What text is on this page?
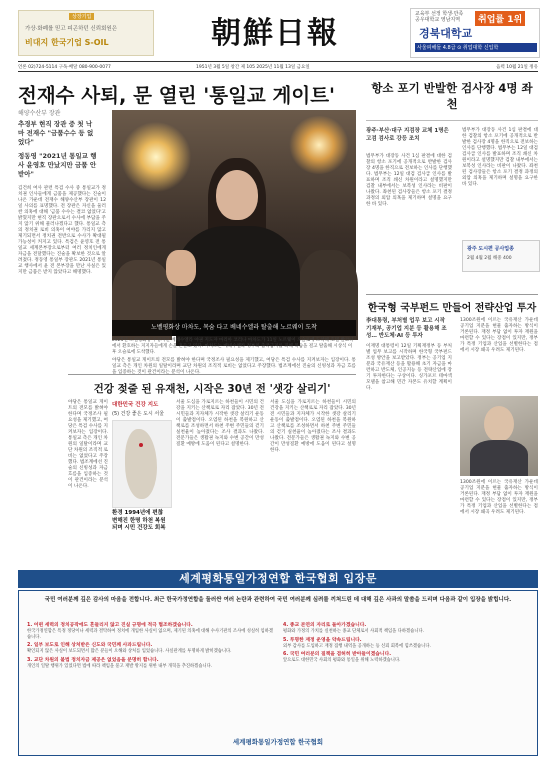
상장기업
가상·화폐를 믿고 피곤하던 신뢰회원은
비대지 한국기업 S-OIL	朝鮮日報
교육부 선정 학생·만족 공우대학교 영남지역	취업률 1위
경북대학교
사울피해들 4.8급 ⊙ 취업대학 신입학
언론 02)724-5114 구독·배달 080-900-0077	1951년 3월 5일 창간 제 105 2025년 11월 13일 금요일	음력 10월 21일 정유
전재수 사퇴, 문 열린 '통일교 게이트'
해양수산부 장관
추경부 현직 장관 중 첫 낙마 전재수 "금품수수 등 없었다"
정동영 "2021년 통일교 행사 윤영호 만났지만 금품 안 받아"
김건희 여사 관련 특검 수사 중 통일교가 정치권 인사들에게 금품을 제공했다는 진술이 나온 가운데 전재수 해양수산부 장관이 12일 사의를 표명했다. 전 장관은 자신을 둘러싼 의혹에 대해 '금품 수수는 결코 없었다'고 밝혔지만 현직 장관으로서 수사에 부담을 주지 않기 위해 물러나겠다고 했다. 통일교 측의 정치권 로비 의혹이 여야를 가리지 않고 제기되면서 정치권 전반으로 수사가 확대될 가능성이 커지고 있다. 특검은 윤영호 전 통일교 세계본부장으로부터 여러 정치인에게 자금을 전달했다는 진술을 확보한 것으로 알려졌다. 정동영 통일부 장관도 2021년 통일교 행사에서 윤 전 본부장을 만난 사실은 있지만 금품은 받지 않았다고 해명했다.
노벨평화상 마차도, 목숨 다고 베네수엘라 탈출해 노르웨이 도착
2025년 노벨평화상 수상자인 베네수엘라 야권 지도자 마리아 코리나 마차도가 11일 노르웨이 오슬로에 도착해 호텔 발코니에서 환호하는 지지자들에게 손을 흔들고 있다. 마차도는 베네수엘라 정부의 출국금지를 피해 목숨을 걸고 탈출해 시상식 이후 오슬로에 도착했다.
항소 포기 반발한 검사장 4명 좌천
광주·부산·대구 지검장 교체 1명은 고검 검사로 강등 조치
법무부가 대장동 사건 1심 판결에 대한 검찰의 항소 포기에 공개적으로 반발한 검사장 4명을 한직으로 전보하는 인사를 단행했다. 법무부는 12일 대검 검사급 인사를 발표하며 조직 쇄신 차원이라고 설명했지만 검찰 내부에서는 보복성 인사라는 비판이 나왔다. 좌천된 검사장들은 항소 포기 결정 과정의 외압 의혹을 제기하며 설명을 요구한 바 있다.
법무부가 대장동 사건 1심 판결에 대한 검찰의 항소 포기에 공개적으로 반발한 검사장 4명을 한직으로 전보하는 인사를 단행했다. 법무부는 12일 대검 검사급 인사를 발표하며 조직 쇄신 차원이라고 설명했지만 검찰 내부에서는 보복성 인사라는 비판이 나왔다. 좌천된 검사장들은 항소 포기 결정 과정의 외압 의혹을 제기하며 설명을 요구한 바 있다.
광주 도시편 공사업종
2월 4월 2월 해중 400
한국형 국부펀드 만들어 전략산업 투자
李대통령, 부처별 업무 보고 시작 기재부, 공기업 지분 등 활용해 조성… 반도체·AI 등 투자
이재명 대통령이 12일 기획재정부 등 부처별 업무 보고를 시작하며 한국형 국부펀드 조성 방안을 보고받았다. 정부는 공기업 지분과 국유재산 등을 활용해 초기 자금을 마련하고 반도체, 인공지능 등 전략산업에 장기 투자한다는 구상이다. 싱가포르 테마섹 모델을 참고해 민간 자본도 유치할 계획이다.
1300조원에 이르는 국유재산 가운데 공기업 지분을 현물 출자하는 방식이 거론된다. 재정 부담 없이 투자 재원을 마련할 수 있다는 장점이 있지만, 정부가 특정 기업과 산업을 선별한다는 점에서 시장 왜곡 우려도 제기된다.
1300조원에 이르는 국유재산 가운데 공기업 지분을 현물 출자하는 방식이 거론된다. 재정 부담 없이 투자 재원을 마련할 수 있다는 장점이 있지만, 정부가 특정 기업과 산업을 선별한다는 점에서 시장 왜곡 우려도 제기된다.
야당은 통일교 게이트의 전모를 밝혀야 한다며 국정조사 필요성을 제기했고, 여당은 특검 수사를 지켜보자는 입장이다. 통일교 측은 개인 차원의 일탈이라며 교단 차원의 조직적 로비는 없었다고 주장했다. 법조계에선 진술의 신빙성과 자금 흐름을 입증하는 것이 관건이라는 분석이 나온다.
건강 젖줄 된 유재천, 시작은 30년 전 '샛강 살리기'
대한민국 건강 지도
(5) 건강 좋은 도시 서울
환경 1994년에 편찮 변해진 한명 하천 복원되며 시민 건강도 회복
서울 도심을 가로지르는 하천들이 시민의 건강을 지키는 산책로로 자리 잡았다. 30년 전 시민들과 지자체가 시작한 샛강 살리기 운동이 출발점이다. 오염된 하천을 복원하고 산책로를 조성하면서 하천 주변 주민들의 걷기 실천율이 높아졌다는 조사 결과도 나왔다. 전문가들은 생활권 녹지와 수변 공간이 만성질환 예방에 도움이 된다고 설명한다.
서울 도심을 가로지르는 하천들이 시민의 건강을 지키는 산책로로 자리 잡았다. 30년 전 시민들과 지자체가 시작한 샛강 살리기 운동이 출발점이다. 오염된 하천을 복원하고 산책로를 조성하면서 하천 주변 주민들의 걷기 실천율이 높아졌다는 조사 결과도 나왔다. 전문가들은 생활권 녹지와 수변 공간이 만성질환 예방에 도움이 된다고 설명한다.
야당은 통일교 게이트의 전모를 밝혀야 한다며 국정조사 필요성을 제기했고, 여당은 특검 수사를 지켜보자는 입장이다. 통일교 측은 개인 차원의 일탈이라며 교단 차원의 조직적 로비는 없었다고 주장했다. 법조계에선 진술의 신빙성과 자금 흐름을 입증하는 것이 관건이라는 분석이 나온다.
세계평화통일가정연합 한국협회 입장문
국민 여러분께 깊은 감사의 마음을 전합니다. 최근 한국가정연합을 둘러싼 여러 논란과 관련하여 국민 여러분께 심려를 끼쳐드린 데 대해 깊은 사과의 말씀을 드리며 다음과 같이 입장을 밝힙니다.
1. 어떤 세력의 정치공작에도 흔들리지 않고 진실 규명에 적극 협조하겠습니다.
한국가정연합은 특정 정당이나 세력과 결탁하여 정치에 개입한 사실이 없으며, 제기된 의혹에 대해 수사기관의 조사에 성실히 임하겠습니다.
2. 일부 보도로 인해 상처받은 신도와 국민께 사과드립니다.
확인되지 않은 사실이 보도되면서 많은 분들이 오해와 상처를 입었습니다. 사실관계를 투명하게 밝히겠습니다.
3. 교단 차원의 불법 정치자금 제공은 없었음을 분명히 합니다.
개인의 일탈 행위가 있었다면 법에 따라 책임을 묻고 재발 방지를 위한 내부 개혁을 추진하겠습니다.
4. 종교 본연의 자리로 돌아가겠습니다.
평화와 가정의 가치를 실천하는 종교 단체로서 사회적 책임을 다하겠습니다.
5. 투명한 재정 운영을 약속드립니다.
외부 감사를 도입하고 재정 집행 내역을 공개하는 등 신뢰 회복에 힘쓰겠습니다.
6. 국민 여러분의 질책을 겸허히 받아들이겠습니다.
앞으로도 대한민국 사회의 평화와 통일을 위해 노력하겠습니다.
세계평화통일가정연합 한국협회
